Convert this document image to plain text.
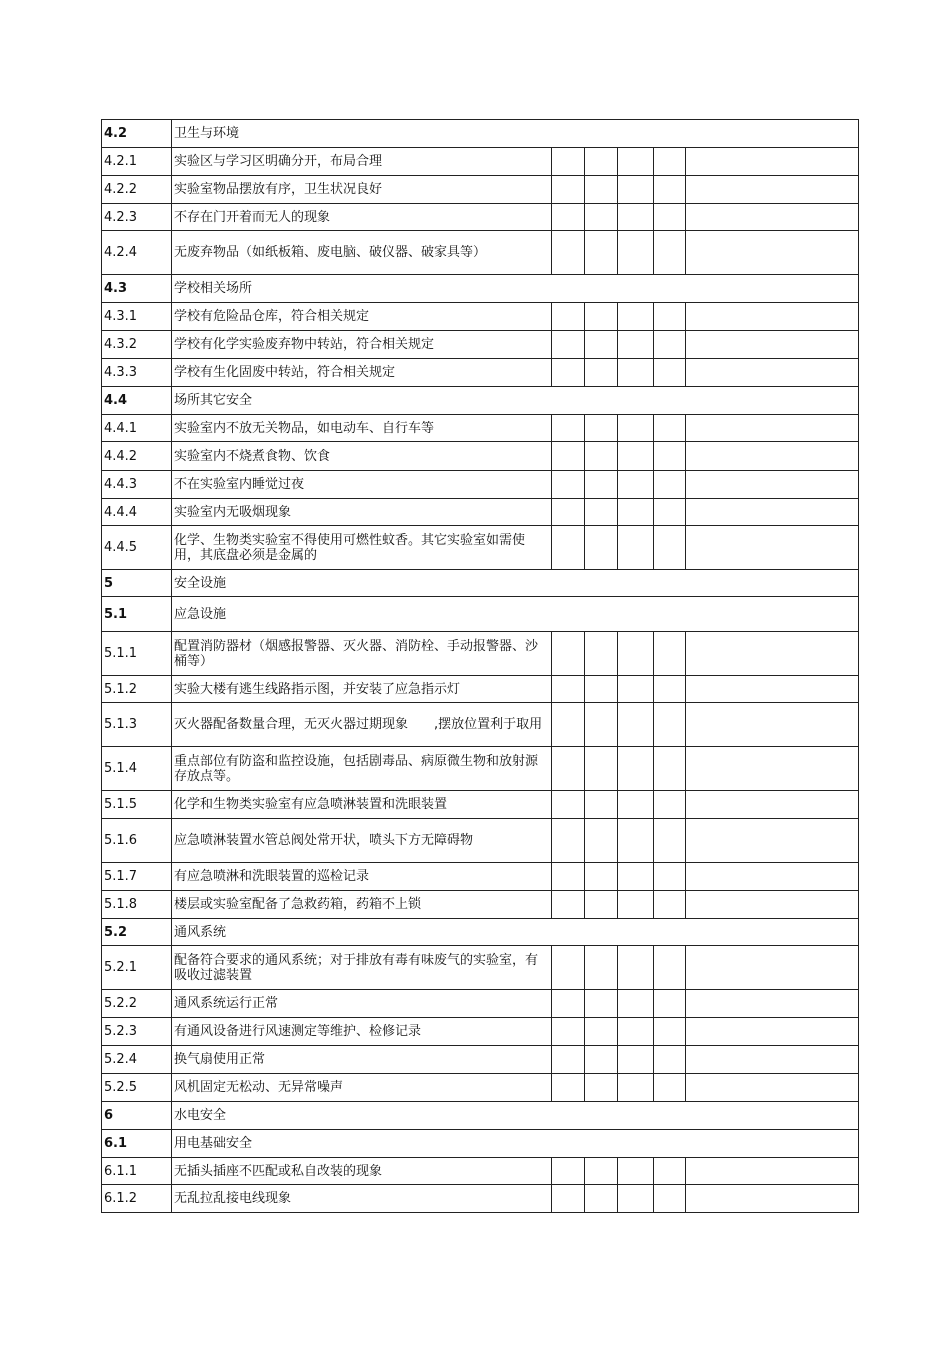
4.2	卫生与环境					
4.2.1	实验区与学习区明确分开，布局合理					
4.2.2	实验室物品摆放有序，卫生状况良好					
4.2.3	不存在门开着而无人的现象					
4.2.4	无废弃物品（如纸板箱、废电脑、破仪器、破家具等）					
4.3	学校相关场所					
4.3.1	学校有危险品仓库，符合相关规定					
4.3.2	学校有化学实验废弃物中转站，符合相关规定					
4.3.3	学校有生化固废中转站，符合相关规定					
4.4	场所其它安全					
4.4.1	实验室内不放无关物品，如电动车、自行车等					
4.4.2	实验室内不烧煮食物、饮食					
4.4.3	不在实验室内睡觉过夜					
4.4.4	实验室内无吸烟现象					
4.4.5	化学、生物类实验室不得使用可燃性蚊香。其它实验室如需使用，其底盘必须是金属的					
5	安全设施					
5.1	应急设施					
5.1.1	配置消防器材（烟感报警器、灭火器、消防栓、手动报警器、沙桶等）					
5.1.2	实验大楼有逃生线路指示图，并安装了应急指示灯					
5.1.3	灭火器配备数量合理，无灭火器过期现象　　,摆放位置利于取用					
5.1.4	重点部位有防盗和监控设施，包括剧毒品、病原微生物和放射源存放点等。					
5.1.5	化学和生物类实验室有应急喷淋装置和洗眼装置					
5.1.6	应急喷淋装置水管总阀处常开状，喷头下方无障碍物					
5.1.7	有应急喷淋和洗眼装置的巡检记录					
5.1.8	楼层或实验室配备了急救药箱，药箱不上锁					
5.2	通风系统					
5.2.1	配备符合要求的通风系统；对于排放有毒有味废气的实验室，有吸收过滤装置					
5.2.2	通风系统运行正常					
5.2.3	有通风设备进行风速测定等维护、检修记录					
5.2.4	换气扇使用正常					
5.2.5	风机固定无松动、无异常噪声					
6	水电安全					
6.1	用电基础安全					
6.1.1	无插头插座不匹配或私自改装的现象					
6.1.2	无乱拉乱接电线现象					
